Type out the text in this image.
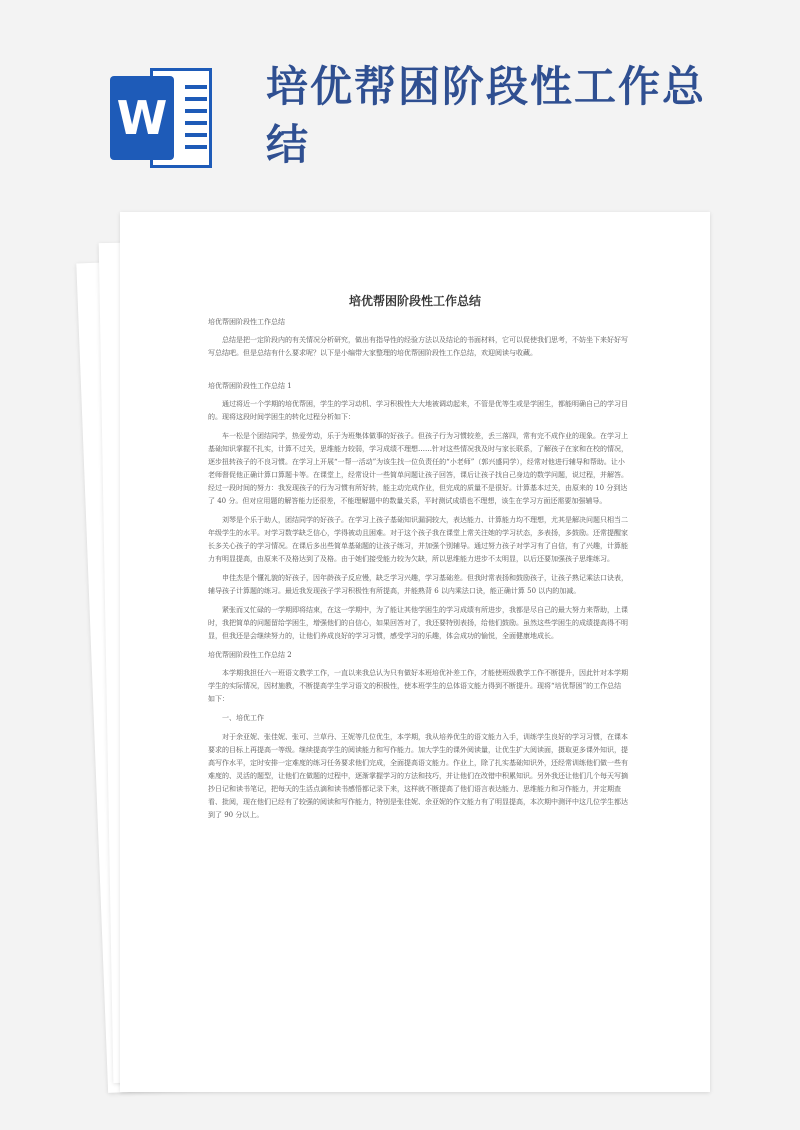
W
培优帮困阶段性工作总结
培优帮困阶段性工作总结

培优帮困阶段性工作总结

总结是把一定阶段内的有关情况分析研究，做出有指导性的经验方法以及结论的书面材料，它可以促使我们思考，不妨坐下来好好写写总结吧。但是总结有什么要求呢？以下是小编带大家整理的培优帮困阶段性工作总结，欢迎阅读与收藏。

培优帮困阶段性工作总结 1

通过将近一个学期的培优帮困，学生的学习动机、学习积极性大大地被调动起来，不管是优等生或是学困生，都能明确自己的学习目的。现将这段时间学困生的转化过程分析如下：

车一松是个团结同学，热爱劳动，乐于为班集体做事的好孩子。但孩子行为习惯较差，丢三落四，常有完不成作业的现象。在学习上基础知识掌握不扎实，计算不过关，思维能力较弱，学习成绩不理想……针对这些情况我及时与家长联系，了解孩子在家和在校的情况，逐步扭转孩子的不良习惯。在学习上开展“一帮一活动”为该生找一位负责任的“小老师”（郭兴盛同学），经常对他进行辅导和帮助。让小老师督促他正确计算口算题卡等。在课堂上，经常设计一些简单问题让孩子回答，课后让孩子找自己身边的数学问题，说过程，并解答。经过一段时间的努力：我发现孩子的行为习惯有所好转，能主动完成作业，但完成的质量不是很好。计算基本过关，由原来的 10 分到达了 40 分。但对应用题的解答能力还很差，不能理解题中的数量关系，平时测试成绩也不理想，该生在学习方面还需要加强辅导。

刘琴是个乐于助人，团结同学的好孩子。在学习上孩子基础知识漏洞较大，表达能力、计算能力均不理想，尤其是解决问题只相当二年级学生的水平。对学习数学缺乏信心，学得被动且困难。对于这个孩子我在课堂上常关注她的学习状态，多表扬，多鼓励。还常提醒家长多关心孩子的学习情况。在课后多出些简单基础题的让孩子练习，并加强个别辅导。通过努力孩子对学习有了自信，有了兴趣，计算能力有明显提高，由原来不及格达到了及格。由于她们接受能力较为欠缺，所以思维能力进步不太明显，以后还要加强孩子思维练习。

申佳杰是个懂礼貌的好孩子，因年龄孩子反应慢，缺乏学习兴趣，学习基础差。但我时常表扬和鼓励孩子，让孩子熟记乘法口诀表，辅导孩子计算题的练习。最近我发现孩子学习积极性有所提高，并能熟背 6 以内乘法口诀，能正确计算 50 以内的加减。

紧张而又忙碌的一学期即将结束，在这一学期中，为了能让其他学困生的学习成绩有所进步，我都是尽自己的最大努力来帮助，上课时，我把简单的问题留给学困生，增强他们的自信心，如果回答对了，我还要特别表扬，给他们鼓励。虽然这些学困生的成绩提高得不明显，但我还是会继续努力的，让他们养成良好的学习习惯，感受学习的乐趣，体会成功的愉悦，全面健康地成长。

培优帮困阶段性工作总结 2

本学期我担任六一班语文教学工作，一直以来我总认为只有做好本班培优补差工作，才能使班级教学工作不断提升，因此针对本学期学生的实际情况，因材施教，不断提高学生学习语文的积极性，使本班学生的总体语文能力得到不断提升。现将“培优帮困”的工作总结如下：

一、培优工作

对于余亚妮、张佳妮、张可、兰草丹、王妮等几位优生，本学期，我从培养优生的语文能力入手，训练学生良好的学习习惯，在课本要求的目标上再提高一等级。继续提高学生的阅读能力和写作能力。加大学生的课外阅读量，让优生扩大阅读面，摄取更多课外知识，提高写作水平，定时安排一定难度的练习任务要求他们完成，全面提高语文能力。作业上，除了扎实基础知识外，还经常训练他们做一些有难度的、灵活的题型，让他们在做题的过程中，逐渐掌握学习的方法和技巧，并让他们在改错中积累知识。另外我还让他们几个每天写摘抄日记和读书笔记，把每天的生活点滴和读书感悟都记录下来，这样就不断提高了他们语言表达能力、思维能力和习作能力，并定期查看、批阅，现在他们已经有了较强的阅读和写作能力，特别是张佳妮、余亚妮的作文能力有了明显提高，本次期中测评中这几位学生都达到了 90 分以上。
